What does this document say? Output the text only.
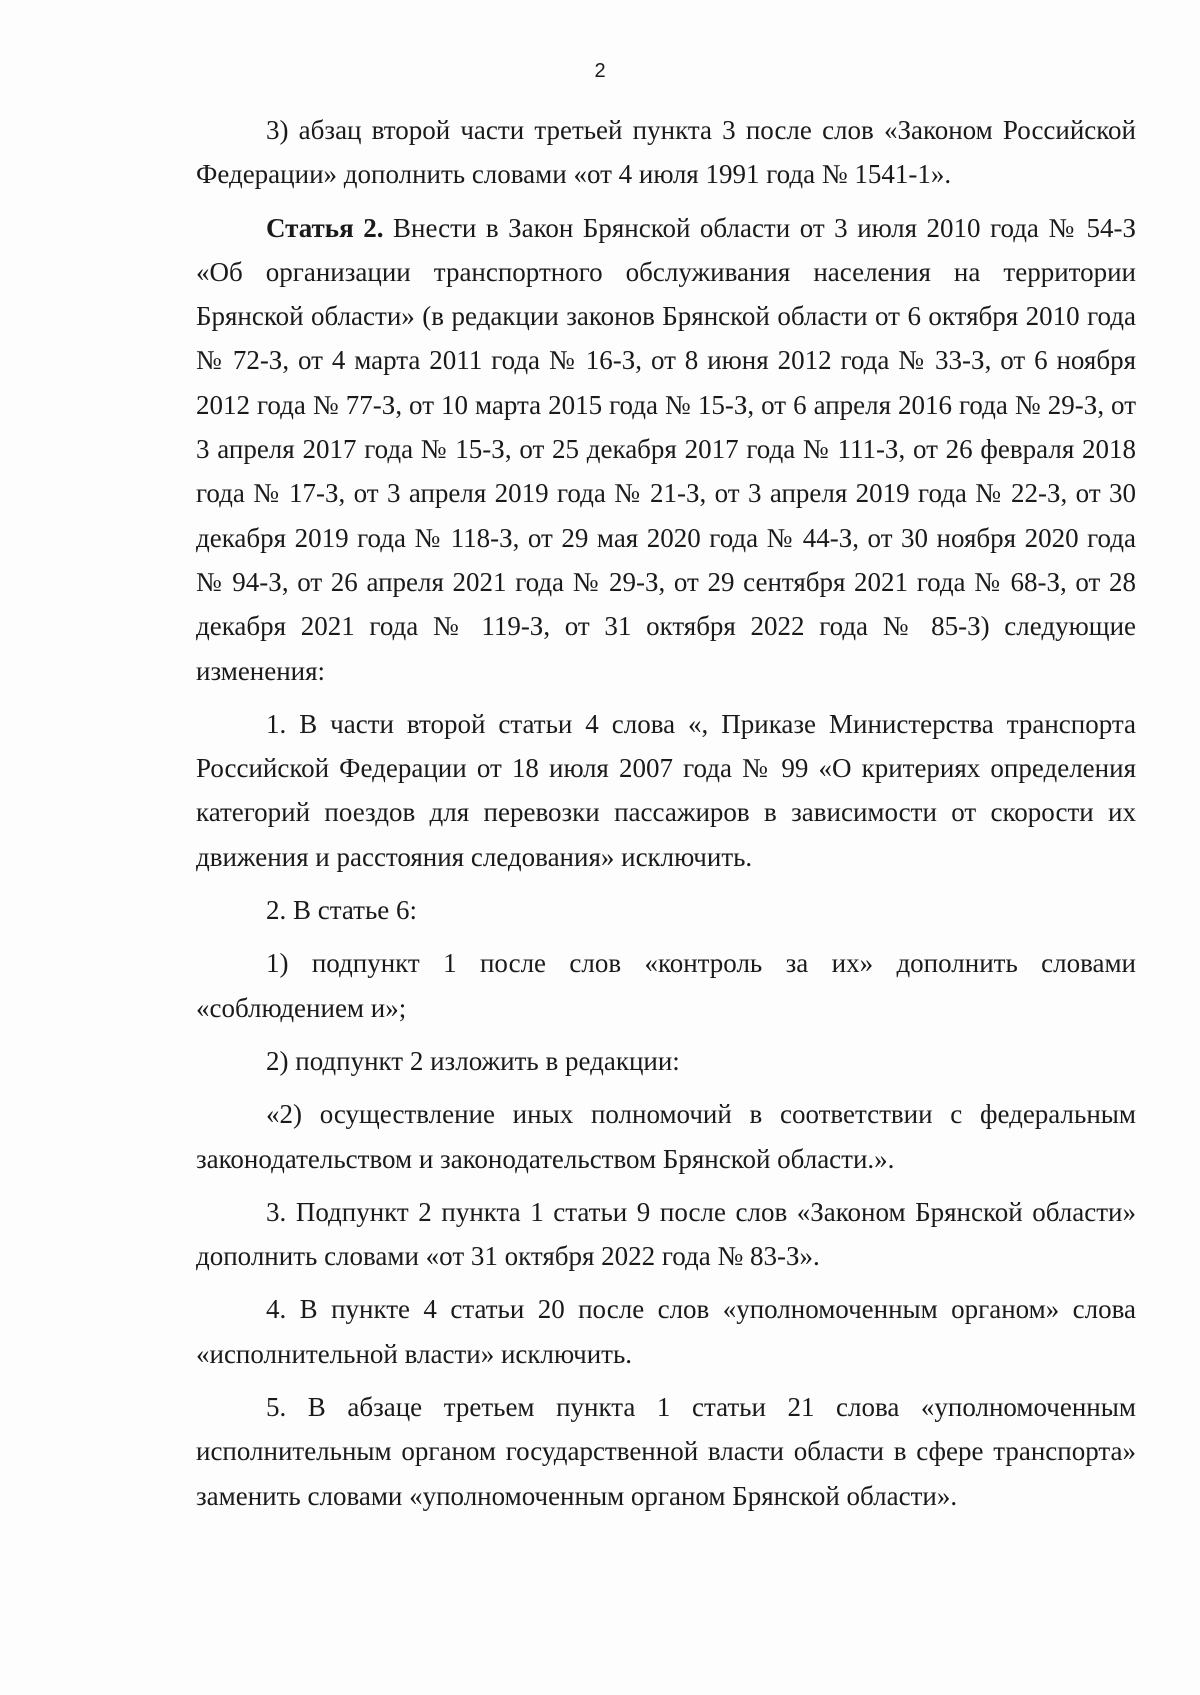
2

3) абзац второй части третьей пункта 3 после слов «Законом Российской Федерации» дополнить словами «от 4 июля 1991 года № 1541-1».

Статья 2. Внести в Закон Брянской области от 3 июля 2010 года № 54-З «Об организации транспортного обслуживания населения на территории Брянской области» (в редакции законов Брянской области от 6 октября 2010 года № 72-З, от 4 марта 2011 года № 16-З, от 8 июня 2012 года № 33-З, от 6 ноября 2012 года № 77-З, от 10 марта 2015 года № 15-З, от 6 апреля 2016 года № 29-З, от 3 апреля 2017 года № 15-З, от 25 декабря 2017 года № 111-З, от 26 февраля 2018 года № 17-З, от 3 апреля 2019 года № 21-З, от 3 апреля 2019 года № 22-З, от 30 декабря 2019 года № 118-З, от 29 мая 2020 года № 44-З, от 30 ноября 2020 года № 94-З, от 26 апреля 2021 года № 29-З, от 29 сентября 2021 года № 68-З, от 28 декабря 2021 года № 119-З, от 31 октября 2022 года № 85-З) следующие изменения:

1. В части второй статьи 4 слова «, Приказе Министерства транспорта Российской Федерации от 18 июля 2007 года № 99 «О критериях определения категорий поездов для перевозки пассажиров в зависимости от скорости их движения и расстояния следования» исключить.

2. В статье 6:

1) подпункт 1 после слов «контроль за их» дополнить словами «соблюдением и»;

2) подпункт 2 изложить в редакции:

«2) осуществление иных полномочий в соответствии с федеральным законодательством и законодательством Брянской области.».

3. Подпункт 2 пункта 1 статьи 9 после слов «Законом Брянской области» дополнить словами «от 31 октября 2022 года № 83-З».

4. В пункте 4 статьи 20 после слов «уполномоченным органом» слова «исполнительной власти» исключить.

5. В абзаце третьем пункта 1 статьи 21 слова «уполномоченным исполнительным органом государственной власти области в сфере транспорта» заменить словами «уполномоченным органом Брянской области».
